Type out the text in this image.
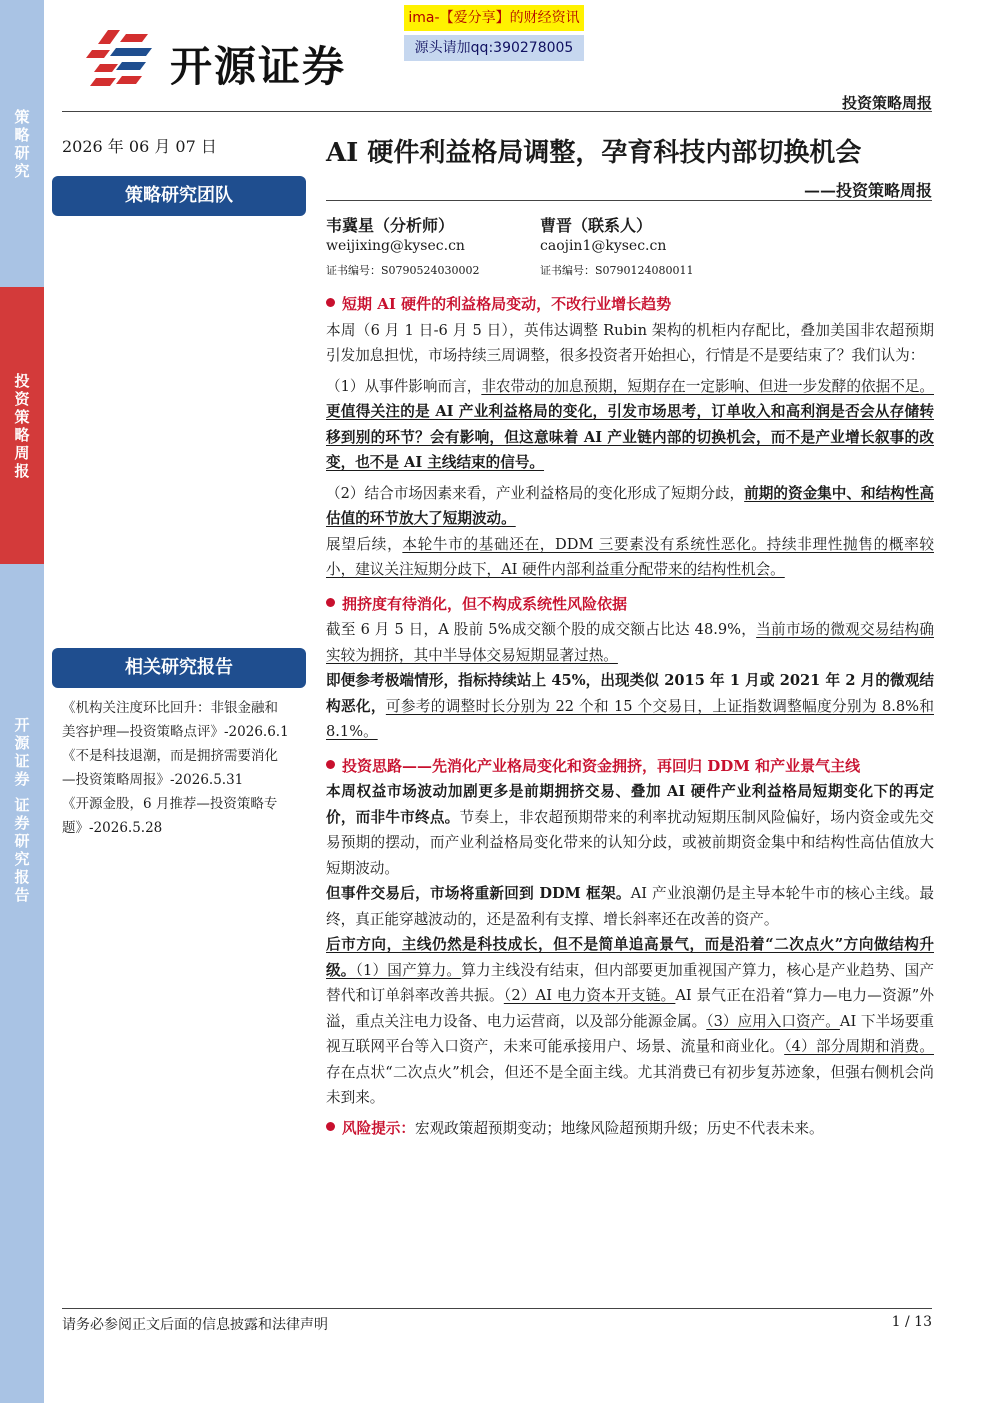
策
略
研
究
投
资
策
略
周
报
开
源
证
券
证
券
研
究
报
告
开源证券
ima-【爱分享】的财经资讯
源头请加qq:390278005
投资策略周报
2026 年 06 月 07 日	AI 硬件利益格局调整，孕育科技内部切换机会
——投资策略周报
策略研究团队
韦冀星（分析师）
weijixing@kysec.cn
证书编号：S0790524030002
曹晋（联系人）
caojin1@kysec.cn
证书编号：S0790124080011
相关研究报告
《机构关注度环比回升：非银金融和
美容护理—投资策略点评》-2026.6.1
《不是科技退潮，而是拥挤需要消化
—投资策略周报》-2026.5.31
《开源金股，6 月推荐—投资策略专
题》-2026.5.28

短期 AI 硬件的利益格局变动，不改行业增长趋势

本周（6 月 1 日-6 月 5 日），英伟达调整 Rubin 架构的机柜内存配比，叠加美国非农超预期引发加息担忧，市场持续三周调整，很多投资者开始担心，行情是不是要结束了？我们认为：

（1）从事件影响而言，非农带动的加息预期，短期存在一定影响、但进一步发酵的依据不足。更值得关注的是 AI 产业利益格局的变化，引发市场思考，订单收入和高利润是否会从存储转移到别的环节？会有影响，但这意味着 AI 产业链内部的切换机会，而不是产业增长叙事的改变，也不是 AI 主线结束的信号。

（2）结合市场因素来看，产业利益格局的变化形成了短期分歧，前期的资金集中、和结构性高估值的环节放大了短期波动。

展望后续，本轮牛市的基础还在，DDM 三要素没有系统性恶化。持续非理性抛售的概率较小，建议关注短期分歧下，AI 硬件内部利益重分配带来的结构性机会。

拥挤度有待消化，但不构成系统性风险依据

截至 6 月 5 日，A 股前 5%成交额个股的成交额占比达 48.9%，当前市场的微观交易结构确实较为拥挤，其中半导体交易短期显著过热。

即便参考极端情形，指标持续站上 45%，出现类似 2015 年 1 月或 2021 年 2 月的微观结构恶化，可参考的调整时长分别为 22 个和 15 个交易日，上证指数调整幅度分别为 8.8%和 8.1%。

投资思路——先消化产业格局变化和资金拥挤，再回归 DDM 和产业景气主线

本周权益市场波动加剧更多是前期拥挤交易、叠加 AI 硬件产业利益格局短期变化下的再定价，而非牛市终点。节奏上，非农超预期带来的利率扰动短期压制风险偏好，场内资金或先交易预期的摆动，而产业利益格局变化带来的认知分歧，或被前期资金集中和结构性高估值放大短期波动。

但事件交易后，市场将重新回到 DDM 框架。AI 产业浪潮仍是主导本轮牛市的核心主线。最终，真正能穿越波动的，还是盈利有支撑、增长斜率还在改善的资产。

后市方向，主线仍然是科技成长，但不是简单追高景气，而是沿着“二次点火”方向做结构升级。（1）国产算力。算力主线没有结束，但内部要更加重视国产算力，核心是产业趋势、国产替代和订单斜率改善共振。（2）AI 电力资本开支链。AI 景气正在沿着“算力—电力—资源”外溢，重点关注电力设备、电力运营商，以及部分能源金属。（3）应用入口资产。AI 下半场要重视互联网平台等入口资产，未来可能承接用户、场景、流量和商业化。（4）部分周期和消费。存在点状“二次点火”机会，但还不是全面主线。尤其消费已有初步复苏迹象，但强右侧机会尚未到来。

风险提示：宏观政策超预期变动；地缘风险超预期升级；历史不代表未来。

请务必参阅正文后面的信息披露和法律声明	1 / 13
